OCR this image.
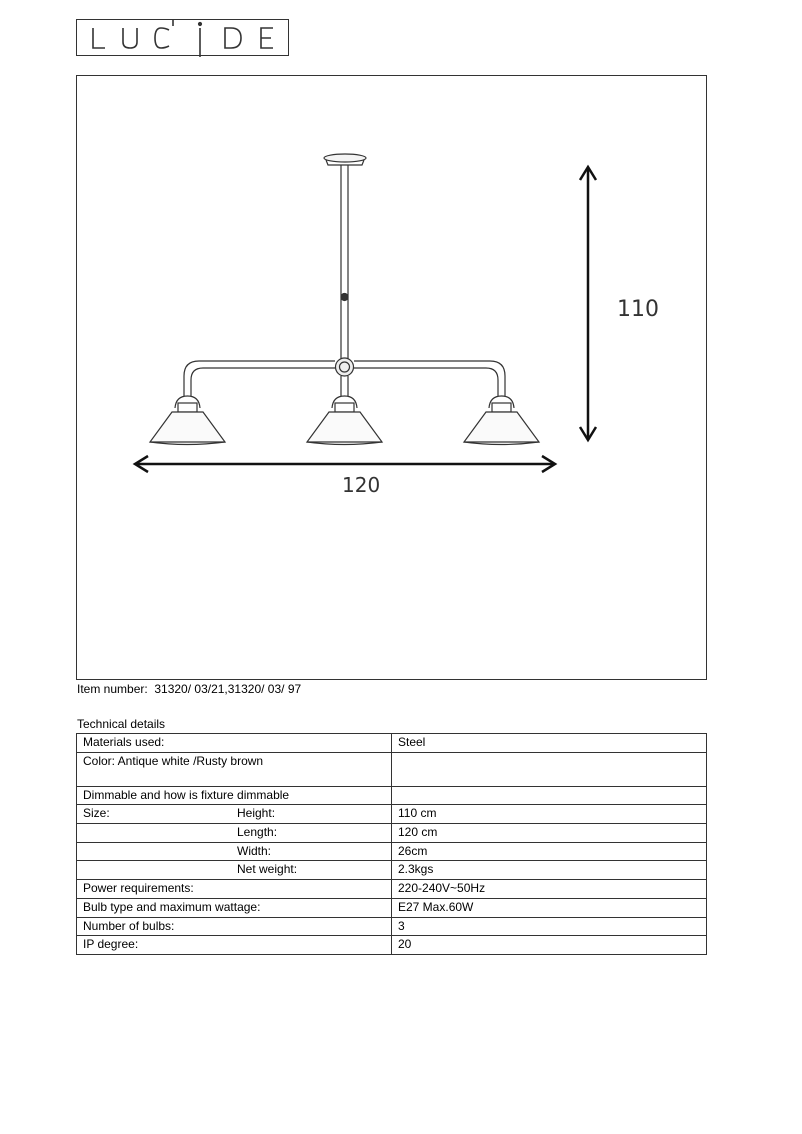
110
120
Item number:  31320/ 03/21,31320/ 03/ 97
Technical details
Materials used:	Steel
Color: Antique white /Rusty brown	
Dimmable and how is fixture dimmable	
Size: Height:	110 cm

Length:	120 cm

Width:	26cm

Net weight:	2.3kgs
Power requirements:	220-240V~50Hz
Bulb type and maximum wattage:	E27 Max.60W
Number of bulbs:	3
IP degree:	20
